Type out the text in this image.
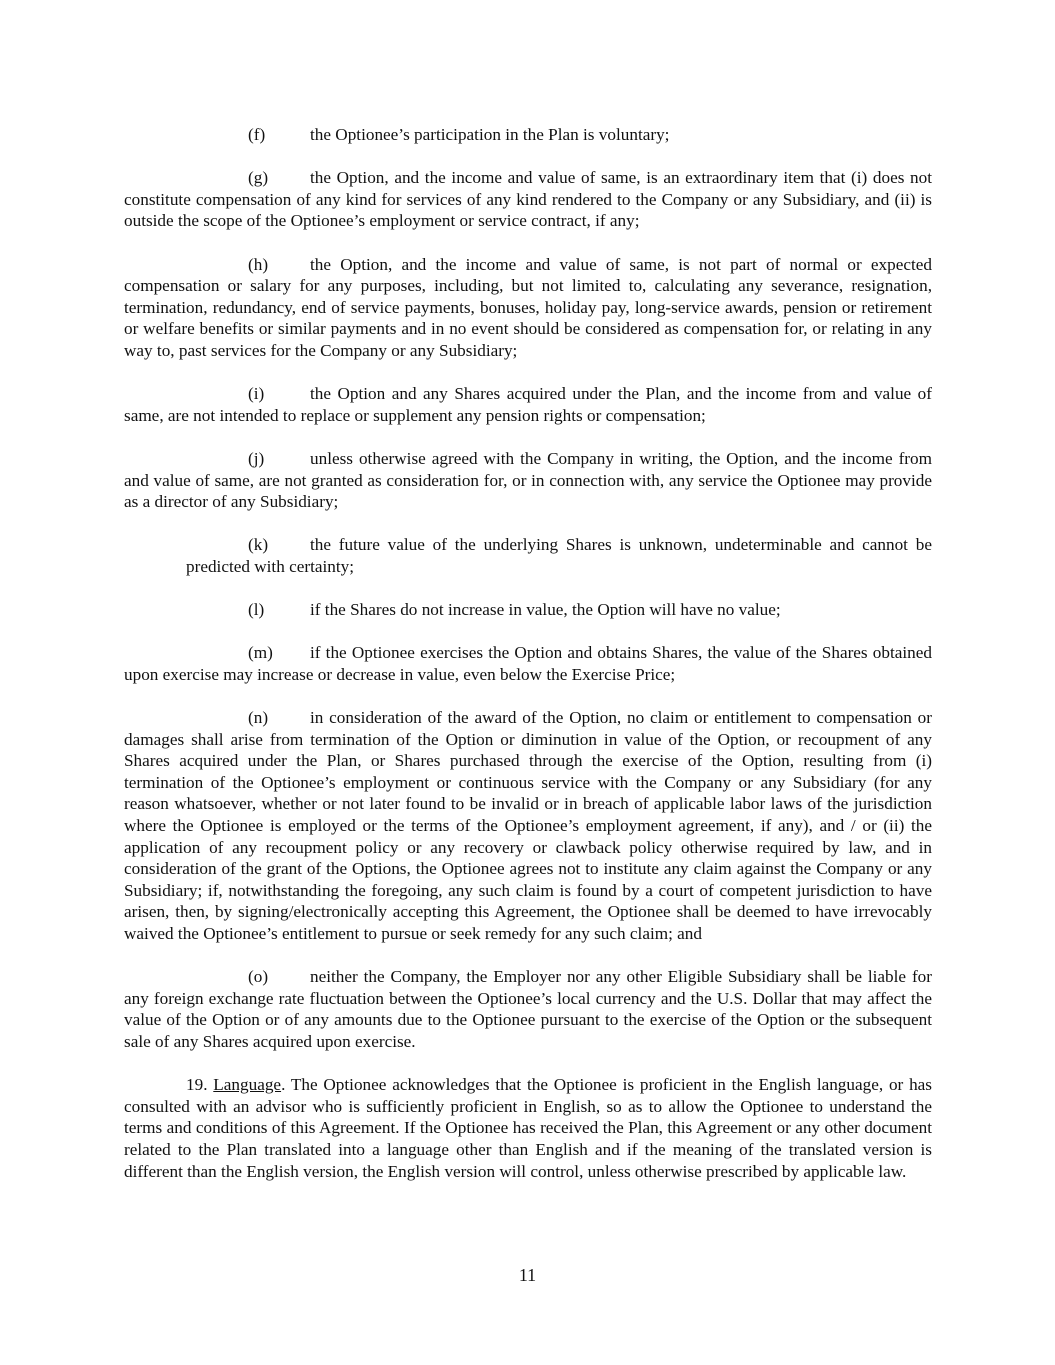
(f)	the Optionee’s participation in the Plan is voluntary;

(g) the Option, and the income and value of same, is an extraordinary item that (i) does not constitute compensation of any kind for services of any kind rendered to the Company or any Subsidiary, and (ii) is outside the scope of the Optionee’s employment or service contract, if any;

(h) the Option, and the income and value of same, is not part of normal or expected compensation or salary for any purposes, including, but not limited to, calculating any severance, resignation, termination, redundancy, end of service payments, bonuses, holiday pay, long-service awards, pension or retirement or welfare benefits or similar payments and in no event should be considered as compensation for, or relating in any way to, past services for the Company or any Subsidiary;

(i)	the Option and any Shares acquired under the Plan, and the income from and value of same, are not intended to replace or supplement any pension rights or compensation;

(j)	unless otherwise agreed with the Company in writing, the Option, and the income from and value of same, are not granted as consideration for, or in connection with, any service the Optionee may provide as a director of any Subsidiary;

(k) the future value of the underlying Shares is unknown, undeterminable and cannot be predicted with certainty;

(l)	if the Shares do not increase in value, the Option will have no value;

(m) if the Optionee exercises the Option and obtains Shares, the value of the Shares obtained upon exercise may increase or decrease in value, even below the Exercise Price;

(n) in consideration of the award of the Option, no claim or entitlement to compensation or damages shall arise from termination of the Option or diminution in value of the Option, or recoupment of any Shares acquired under the Plan, or Shares purchased through the exercise of the Option, resulting from (i) termination of the Optionee’s employment or continuous service with the Company or any Subsidiary (for any reason whatsoever, whether or not later found to be invalid or in breach of applicable labor laws of the jurisdiction where the Optionee is employed or the terms of the Optionee’s employment agreement, if any), and / or (ii) the application of any recoupment policy or any recovery or clawback policy otherwise required by law, and in consideration of the grant of the Options, the Optionee agrees not to institute any claim against the Company or any Subsidiary; if, notwithstanding the foregoing, any such claim is found by a court of competent jurisdiction to have arisen, then, by signing/electronically accepting this Agreement, the Optionee shall be deemed to have irrevocably waived the Optionee’s entitlement to pursue or seek remedy for any such claim; and

(o) neither the Company, the Employer nor any other Eligible Subsidiary shall be liable for any foreign exchange rate fluctuation between the Optionee’s local currency and the U.S. Dollar that may affect the value of the Option or of any amounts due to the Optionee pursuant to the exercise of the Option or the subsequent sale of any Shares acquired upon exercise.

19. Language. The Optionee acknowledges that the Optionee is proficient in the English language, or has consulted with an advisor who is sufficiently proficient in English, so as to allow the Optionee to understand the terms and conditions of this Agreement. If the Optionee has received the Plan, this Agreement or any other document related to the Plan translated into a language other than English and if the meaning of the translated version is different than the English version, the English version will control, unless otherwise prescribed by applicable law.

11
